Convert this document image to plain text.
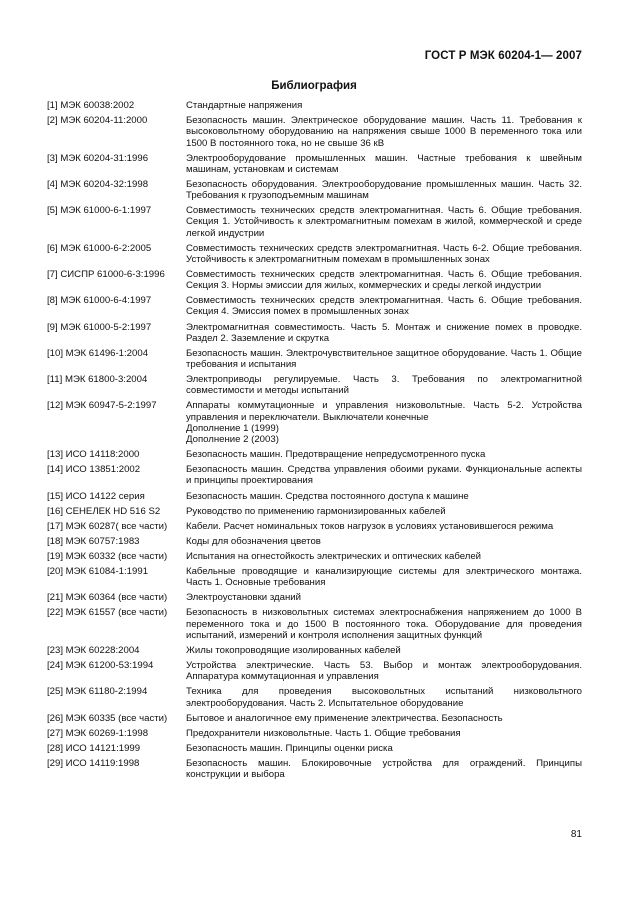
ГОСТ Р МЭК 60204-1— 2007
Библиография
[1] МЭК 60038:2002	Стандартные напряжения
[2] МЭК 60204-11:2000	Безопасность машин. Электрическое оборудование машин. Часть 11. Требования к высоковольтному оборудованию на напряжения свыше 1000 В переменного тока или 1500 В постоянного тока, но не свыше 36 кВ
[3] МЭК 60204-31:1996	Электрооборудование промышленных машин. Частные требования к швейным машинам, установкам и системам
[4] МЭК 60204-32:1998	Безопасность оборудования. Электрооборудование промышленных машин. Часть 32. Требования к грузоподъемным машинам
[5] МЭК 61000-6-1:1997	Совместимость технических средств электромагнитная. Часть 6. Общие требования. Секция 1. Устойчивость к электромагнитным помехам в жилой, коммерческой и среде легкой индустрии
[6] МЭК 61000-6-2:2005	Совместимость технических средств электромагнитная. Часть 6-2. Общие требования. Устойчивость к электромагнитным помехам в промышленных зонах
[7] СИСПР 61000-6-3:1996	Совместимость технических средств электромагнитная. Часть 6. Общие требования. Секция 3. Нормы эмиссии для жилых, коммерческих и среды легкой индустрии
[8] МЭК 61000-6-4:1997	Совместимость технических средств электромагнитная. Часть 6. Общие требования. Секция 4. Эмиссия помех в промышленных зонах
[9] МЭК 61000-5-2:1997	Электромагнитная совместимость. Часть 5. Монтаж и снижение помех в проводке. Раздел 2. Заземление и скрутка
[10] МЭК 61496-1:2004	Безопасность машин. Электрочувствительное защитное оборудование. Часть 1. Общие требования и испытания
[11] МЭК 61800-3:2004	Электроприводы регулируемые. Часть 3. Требования по электромагнитной совместимости и методы испытаний
[12] МЭК 60947-5-2:1997	Аппараты коммутационные и управления низковольтные. Часть 5-2. Устройства управления и переключатели. Выключатели конечные
Дополнение 1 (1999)
Дополнение 2 (2003)
[13] ИСО 14118:2000	Безопасность машин. Предотвращение непредусмотренного пуска
[14] ИСО 13851:2002	Безопасность машин. Средства управления обоими руками. Функциональные аспекты и принципы проектирования
[15] ИСО 14122 серия	Безопасность машин. Средства постоянного доступа к машине
[16] СЕНЕЛЕК HD 516 S2	Руководство по применению гармонизированных кабелей
[17] МЭК 60287( все части)	Кабели. Расчет номинальных токов нагрузок в условиях установившегося режима
[18] МЭК 60757:1983	Коды для обозначения цветов
[19] МЭК 60332 (все части)	Испытания на огнестойкость электрических и оптических кабелей
[20] МЭК 61084-1:1991	Кабельные проводящие и канализирующие системы для электрического монтажа. Часть 1. Основные требования
[21] МЭК 60364 (все части)	Электроустановки зданий
[22] МЭК 61557 (все части)	Безопасность в низковольтных системах электроснабжения напряжением до 1000 В переменного тока и до 1500 В постоянного тока. Оборудование для проведения испытаний, измерений и контроля исполнения защитных функций
[23] МЭК 60228:2004	Жилы токопроводящие изолированных кабелей
[24] МЭК 61200-53:1994	Устройства электрические. Часть 53. Выбор и монтаж электрооборудования. Аппаратура коммутационная и управления
[25] МЭК 61180-2:1994	Техника для проведения высоковольтных испытаний низковольтного электрооборудования. Часть 2. Испытательное оборудование
[26] МЭК 60335 (все части)	Бытовое и аналогичное ему применение электричества. Безопасность
[27] МЭК 60269-1:1998	Предохранители низковольтные. Часть 1. Общие требования
[28] ИСО 14121:1999	Безопасность машин. Принципы оценки риска
[29] ИСО 14119:1998	Безопасность машин. Блокировочные устройства для ограждений. Принципы конструкции и выбора
81
